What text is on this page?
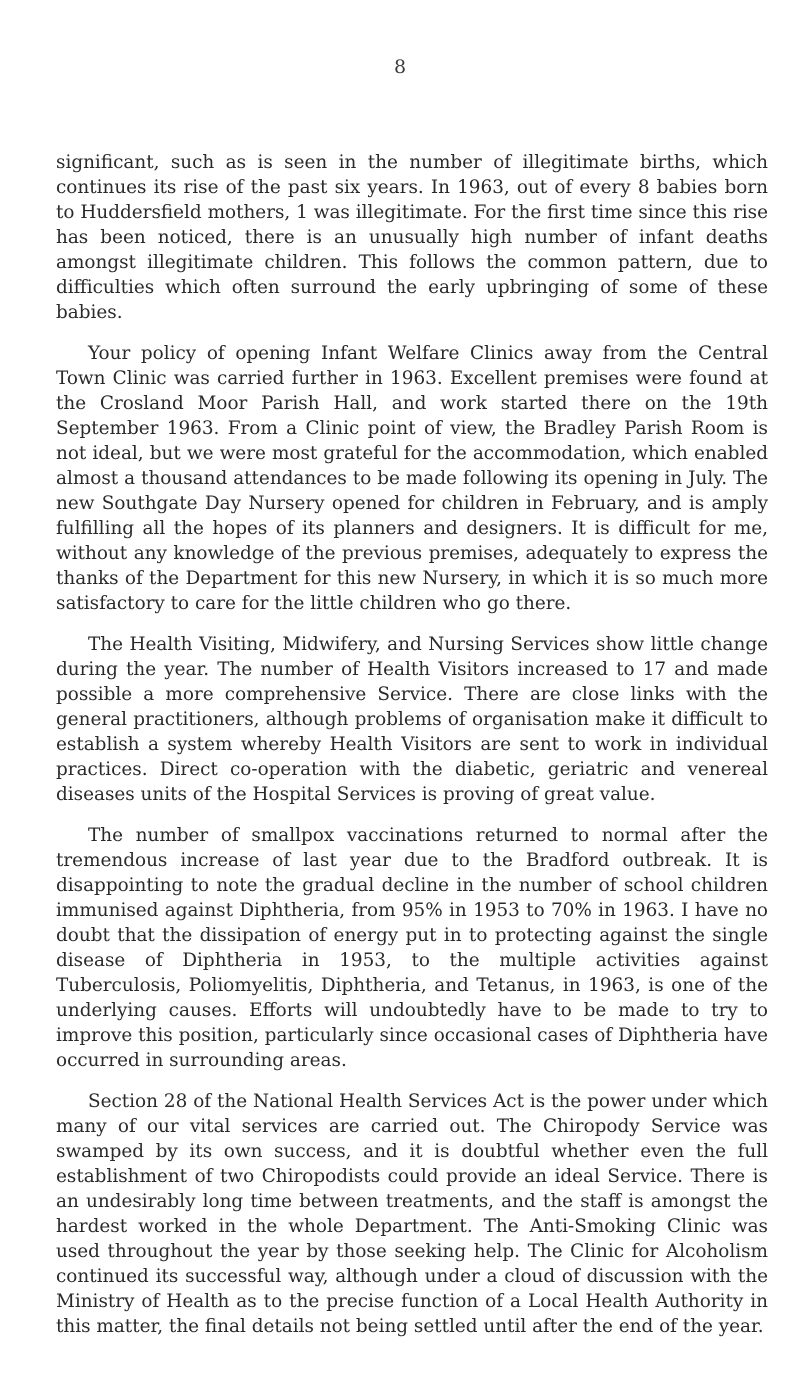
8

significant, such as is seen in the number of illegitimate births, which continues its rise of the past six years. In 1963, out of every 8 babies born to Huddersfield mothers, 1 was illegitimate. For the first time since this rise has been noticed, there is an unusually high number of infant deaths amongst illegitimate children. This follows the common pattern, due to difficulties which often surround the early upbringing of some of these babies.

Your policy of opening Infant Welfare Clinics away from the Central Town Clinic was carried further in 1963. Excellent premises were found at the Crosland Moor Parish Hall, and work started there on the 19th September 1963. From a Clinic point of view, the Bradley Parish Room is not ideal, but we were most grateful for the accommodation, which enabled almost a thousand attendances to be made following its opening in July. The new Southgate Day Nursery opened for children in February, and is amply fulfilling all the hopes of its planners and designers. It is difficult for me, without any knowledge of the previous premises, adequately to express the thanks of the Department for this new Nursery, in which it is so much more satisfactory to care for the little children who go there.

The Health Visiting, Midwifery, and Nursing Services show little change during the year. The number of Health Visitors increased to 17 and made possible a more comprehensive Service. There are close links with the general practitioners, although problems of organisation make it difficult to establish a system whereby Health Visitors are sent to work in individual practices. Direct co-operation with the diabetic, geriatric and venereal diseases units of the Hospital Services is proving of great value.

The number of smallpox vaccinations returned to normal after the tremendous increase of last year due to the Bradford outbreak. It is disappointing to note the gradual decline in the number of school children immunised against Diphtheria, from 95% in 1953 to 70% in 1963. I have no doubt that the dissipation of energy put in to protecting against the single disease of Diphtheria in 1953, to the multiple activities against Tuberculosis, Poliomyelitis, Diphtheria, and Tetanus, in 1963, is one of the underlying causes. Efforts will undoubtedly have to be made to try to improve this position, particularly since occasional cases of Diphtheria have occurred in surrounding areas.

Section 28 of the National Health Services Act is the power under which many of our vital services are carried out. The Chiropody Service was swamped by its own success, and it is doubtful whether even the full establishment of two Chiropodists could provide an ideal Service. There is an undesirably long time between treatments, and the staff is amongst the hardest worked in the whole Department. The Anti-Smoking Clinic was used throughout the year by those seeking help. The Clinic for Alcoholism continued its successful way, although under a cloud of discussion with the Ministry of Health as to the precise function of a Local Health Authority in this matter, the final details not being settled until after the end of the year.
